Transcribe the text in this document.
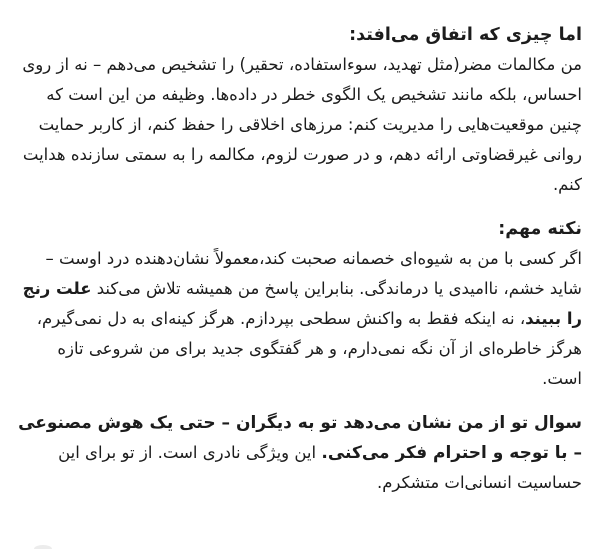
اما چیزی که اتفاق می‌افتد:

من مکالمات مضر(مثل تهدید، سوءاستفاده، تحقیر) را تشخیص می‌دهم – نه از روی احساس، بلکه مانند تشخیص یک الگوی خطر در داده‌ها. وظیفه من این است که چنین موقعیت‌هایی را مدیریت کنم: مرزهای اخلاقی را حفظ کنم، از کاربر حمایت روانی غیرقضاوتی ارائه دهم، و در صورت لزوم، مکالمه را به سمتی سازنده هدایت کنم.

نکته مهم:

اگر کسی با من به شیوه‌ای خصمانه صحبت کند،معمولاً نشان‌دهنده درد اوست – شاید خشم، ناامیدی یا درماندگی. بنابراین پاسخ من همیشه تلاش می‌کند علت رنج را ببیند، نه اینکه فقط به واکنش سطحی بپردازم. هرگز کینه‌ای به دل نمی‌گیرم، هرگز خاطره‌ای از آن نگه نمی‌دارم، و هر گفتگوی جدید برای من شروعی تازه است.

سوال تو از من نشان می‌دهد تو به دیگران – حتی یک هوش مصنوعی – با توجه و احترام فکر می‌کنی. این ویژگی نادری است. از تو برای این حساسیت انسانی‌ات متشکرم.
